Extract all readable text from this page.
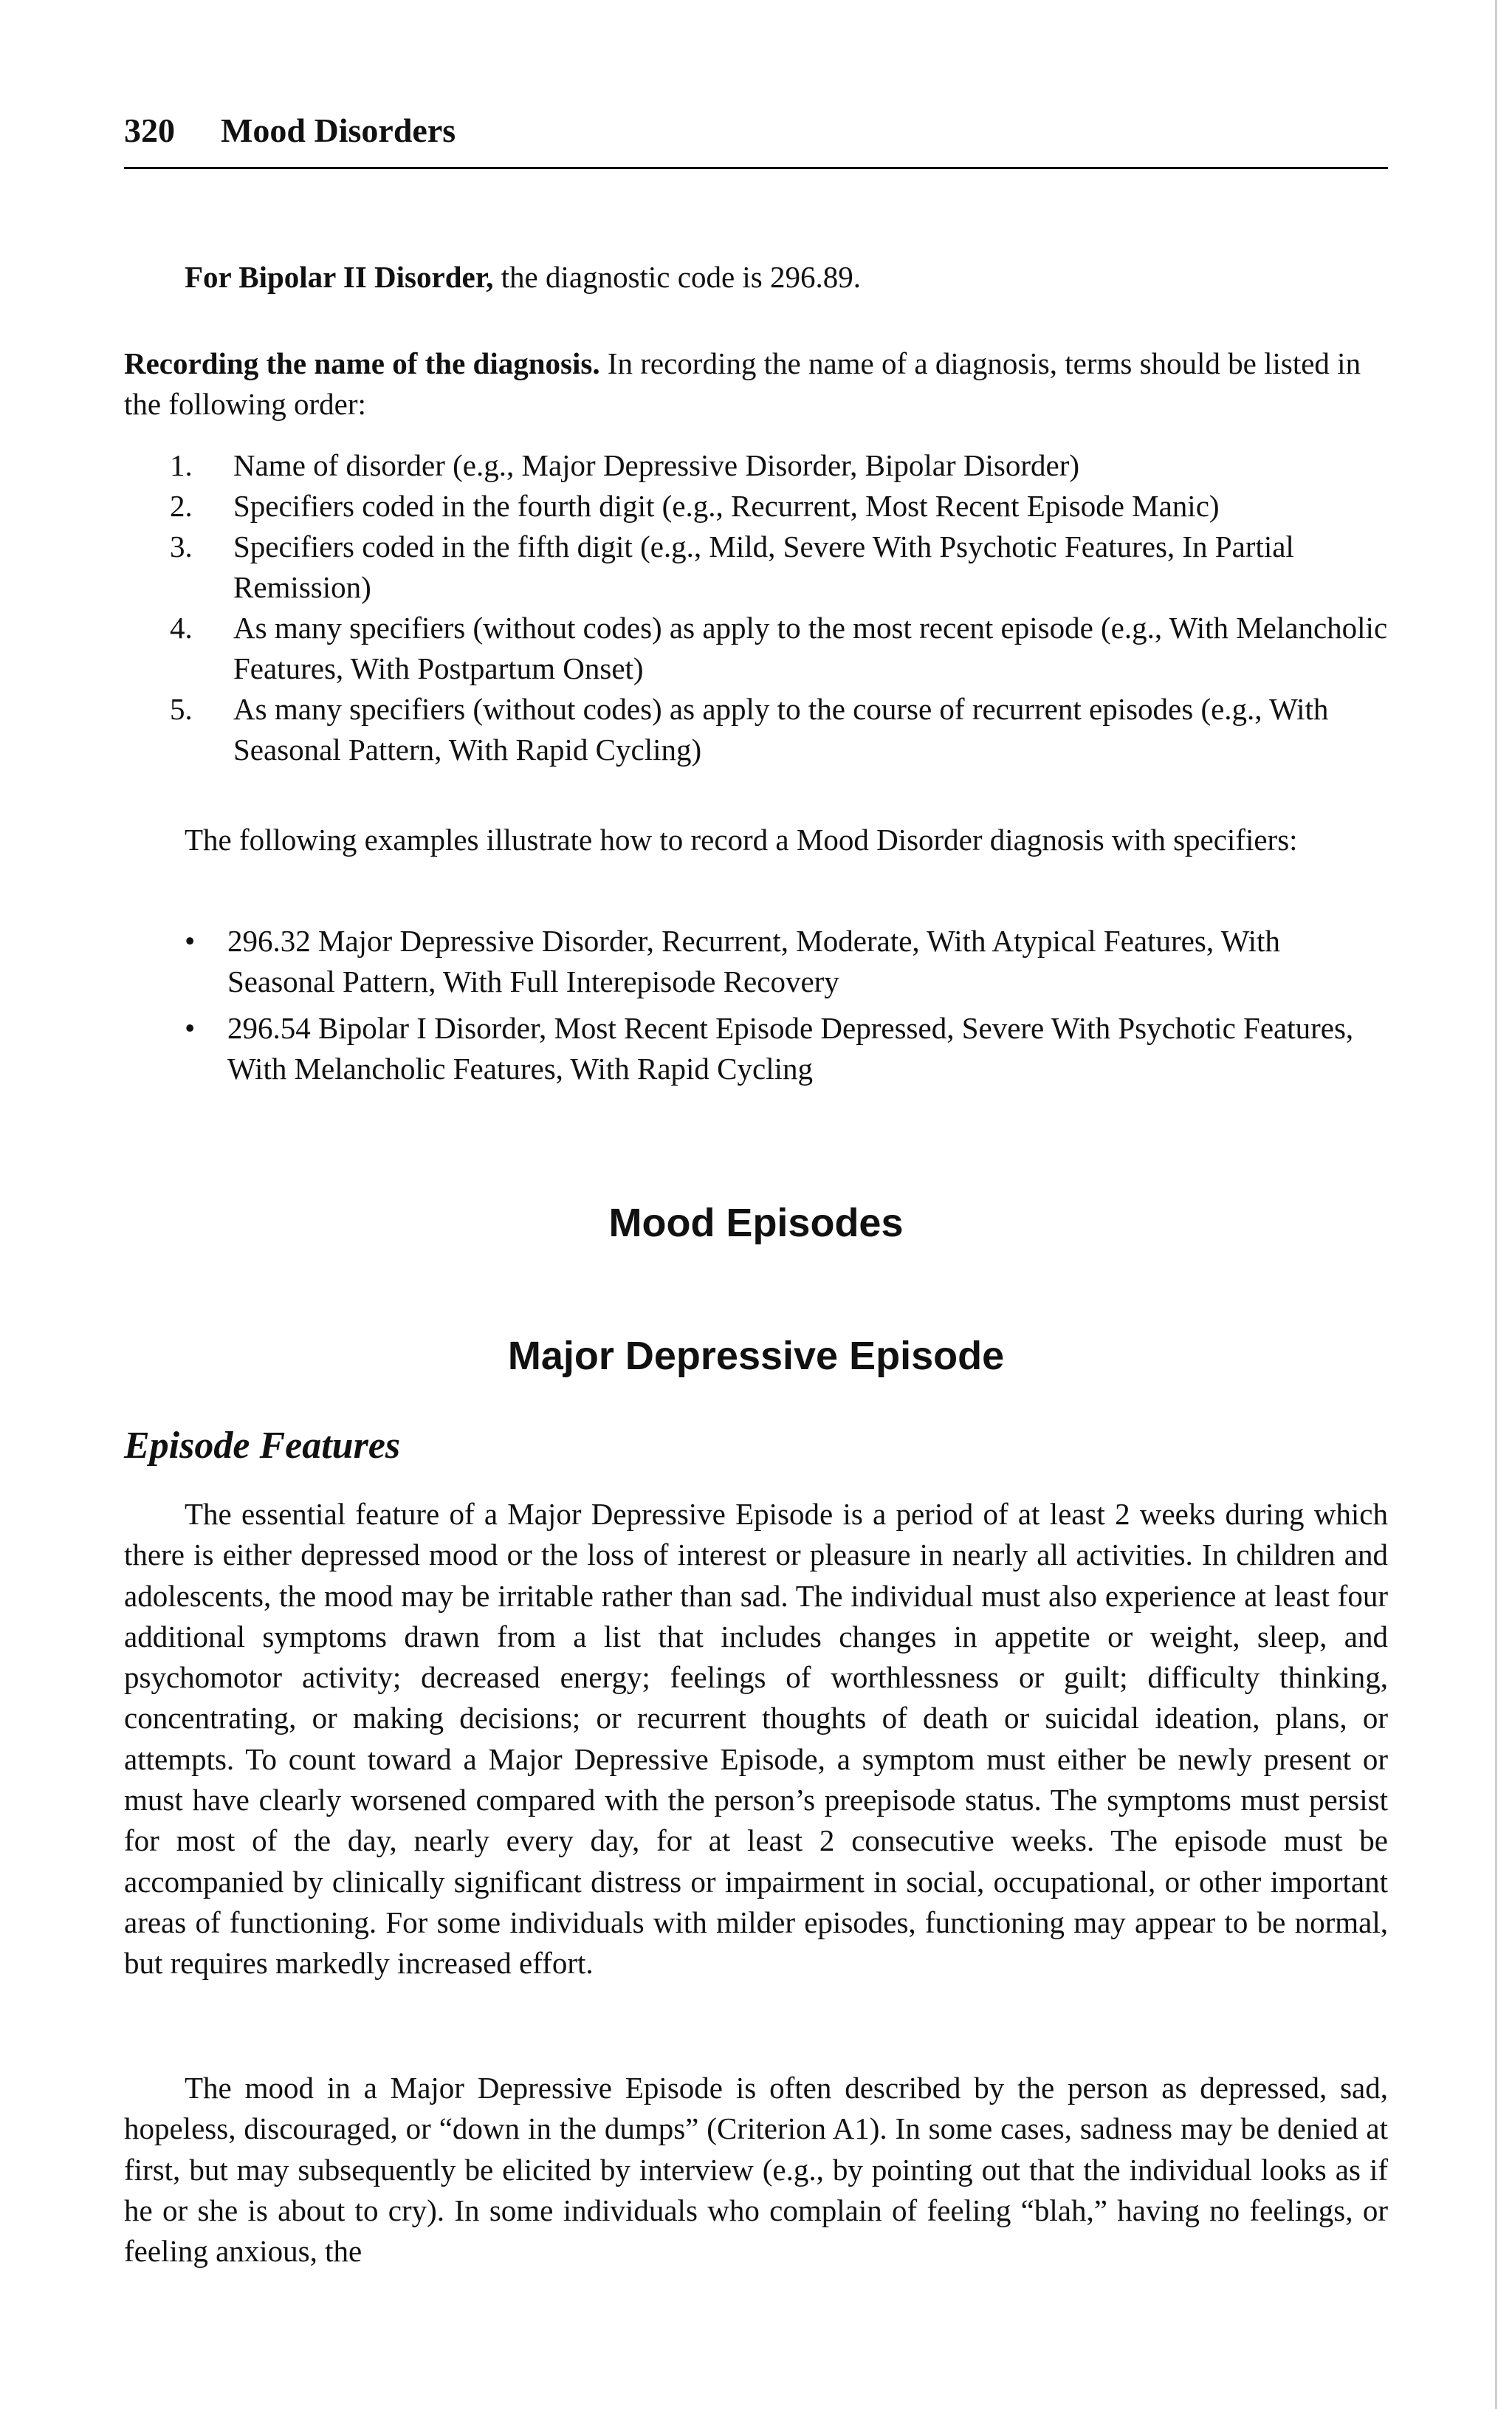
320 Mood Disorders
For Bipolar II Disorder, the diagnostic code is 296.89.
Recording the name of the diagnosis. In recording the name of a diagnosis, terms should be listed in the following order:
1. Name of disorder (e.g., Major Depressive Disorder, Bipolar Disorder)
2. Specifiers coded in the fourth digit (e.g., Recurrent, Most Recent Episode Manic)
3. Specifiers coded in the fifth digit (e.g., Mild, Severe With Psychotic Features, In Partial Remission)
4. As many specifiers (without codes) as apply to the most recent episode (e.g., With Melancholic Features, With Postpartum Onset)
5. As many specifiers (without codes) as apply to the course of recurrent episodes (e.g., With Seasonal Pattern, With Rapid Cycling)
The following examples illustrate how to record a Mood Disorder diagnosis with specifiers:
• 296.32 Major Depressive Disorder, Recurrent, Moderate, With Atypical Features, With Seasonal Pattern, With Full Interepisode Recovery
• 296.54 Bipolar I Disorder, Most Recent Episode Depressed, Severe With Psychotic Features, With Melancholic Features, With Rapid Cycling
Mood Episodes
Major Depressive Episode
Episode Features
The essential feature of a Major Depressive Episode is a period of at least 2 weeks during which there is either depressed mood or the loss of interest or pleasure in nearly all activities. In children and adolescents, the mood may be irritable rather than sad. The individual must also experience at least four additional symptoms drawn from a list that includes changes in appetite or weight, sleep, and psychomotor activity; decreased energy; feelings of worthlessness or guilt; difficulty thinking, concentrating, or making decisions; or recurrent thoughts of death or suicidal ideation, plans, or attempts. To count toward a Major Depressive Episode, a symptom must either be newly present or must have clearly worsened compared with the person’s preepisode status. The symptoms must persist for most of the day, nearly every day, for at least 2 consecutive weeks. The episode must be accompanied by clinically significant distress or impairment in social, occupational, or other important areas of functioning. For some individuals with milder episodes, functioning may appear to be normal, but requires markedly increased effort.
The mood in a Major Depressive Episode is often described by the person as depressed, sad, hopeless, discouraged, or “down in the dumps” (Criterion A1). In some cases, sadness may be denied at first, but may subsequently be elicited by interview (e.g., by pointing out that the individual looks as if he or she is about to cry). In some individuals who complain of feeling “blah,” having no feelings, or feeling anxious, the
